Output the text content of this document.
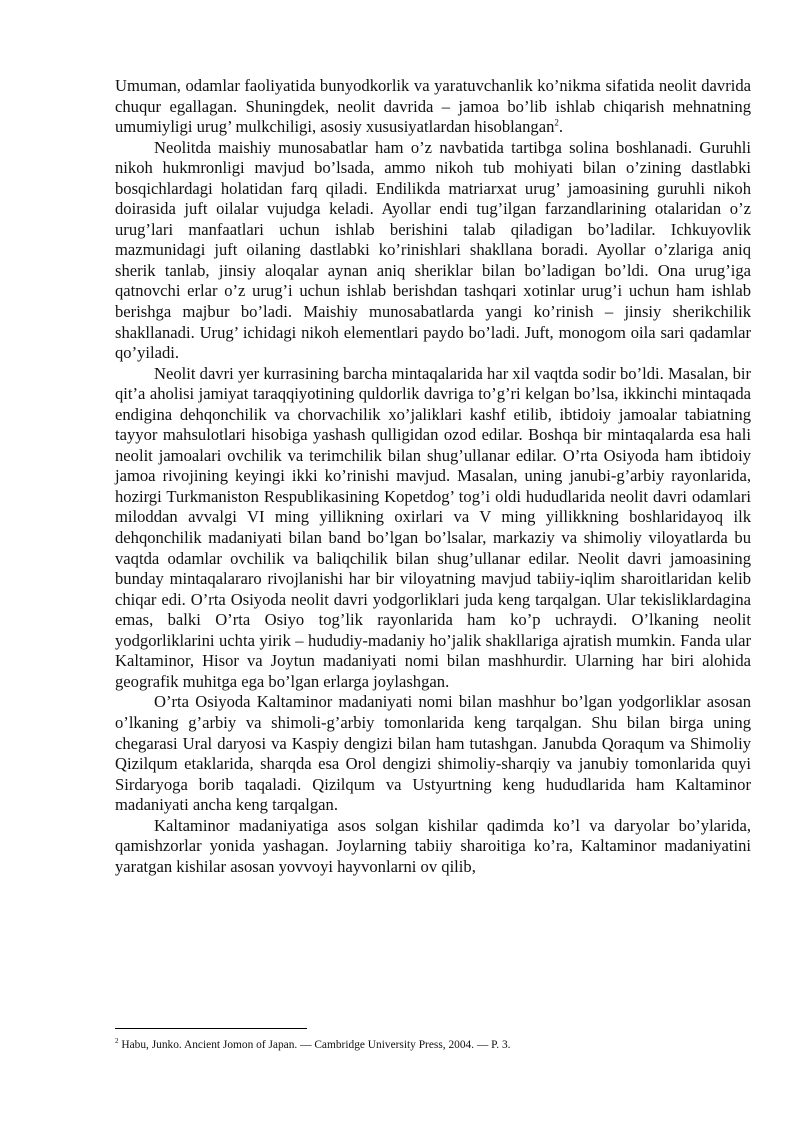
Umuman, odamlar faoliyatida bunyodkorlik va yaratuvchanlik ko’nikma sifatida neolit davrida chuqur egallagan. Shuningdek, neolit davrida – jamoa bo’lib ishlab chiqarish mehnatning umumiyligi urug’ mulkchiligi, asosiy xususiyatlardan hisoblangan$^2$.

Neolitda maishiy munosabatlar ham o’z navbatida tartibga solina boshlanadi. Guruhli nikoh hukmronligi mavjud bo’lsada, ammo nikoh tub mohiyati bilan o’zining dastlabki bosqichlardagi holatidan farq qiladi. Endilikda matriarxat urug’ jamoasining guruhli nikoh doirasida juft oilalar vujudga keladi. Ayollar endi tug’ilgan farzandlarining otalaridan o’z urug’lari manfaatlari uchun ishlab berishini talab qiladigan bo’ladilar. Ichkuyovlik mazmunidagi juft oilaning dastlabki ko’rinishlari shakllana boradi. Ayollar o’zlariga aniq sherik tanlab, jinsiy aloqalar aynan aniq sheriklar bilan bo’ladigan bo’ldi. Ona urug’iga qatnovchi erlar o’z urug’i uchun ishlab berishdan tashqari xotinlar urug’i uchun ham ishlab berishga majbur bo’ladi. Maishiy munosabatlarda yangi ko’rinish – jinsiy sherikchilik shakllanadi. Urug’ ichidagi nikoh elementlari paydo bo’ladi. Juft, monogom oila sari qadamlar qo’yiladi.

Neolit davri yer kurrasining barcha mintaqalarida har xil vaqtda sodir bo’ldi. Masalan, bir qit’a aholisi jamiyat taraqqiyotining quldorlik davriga to’g’ri kelgan bo’lsa, ikkinchi mintaqada endigina dehqonchilik va chorvachilik xo’jaliklari kashf etilib, ibtidoiy jamoalar tabiatning tayyor mahsulotlari hisobiga yashash qulligidan ozod edilar. Boshqa bir mintaqalarda esa hali neolit jamoalari ovchilik va terimchilik bilan shug’ullanar edilar. O’rta Osiyoda ham ibtidoiy jamoa rivojining keyingi ikki ko’rinishi mavjud. Masalan, uning janubi-g’arbiy rayonlarida, hozirgi Turkmaniston Respublikasining Kopetdog’ tog’i oldi hududlarida neolit davri odamlari miloddan avvalgi VI ming yillikning oxirlari va V ming yillikkning boshlaridayoq ilk dehqonchilik madaniyati bilan band bo’lgan bo’lsalar, markaziy va shimoliy viloyatlarda bu vaqtda odamlar ovchilik va baliqchilik bilan shug’ullanar edilar. Neolit davri jamoasining bunday mintaqalararo rivojlanishi har bir viloyatning mavjud tabiiy-iqlim sharoitlaridan kelib chiqar edi. O’rta Osiyoda neolit davri yodgorliklari juda keng tarqalgan. Ular tekisliklardagina emas, balki O’rta Osiyo tog’lik rayonlarida ham ko’p uchraydi. O’lkaning neolit yodgorliklarini uchta yirik – hududiy-madaniy ho’jalik shakllariga ajratish mumkin. Fanda ular Kaltaminor, Hisor va Joytun madaniyati nomi bilan mashhurdir. Ularning har biri alohida geografik muhitga ega bo’lgan erlarga joylashgan.

O’rta Osiyoda Kaltaminor madaniyati nomi bilan mashhur bo’lgan yodgorliklar asosan o’lkaning g’arbiy va shimoli-g’arbiy tomonlarida keng tarqalgan. Shu bilan birga uning chegarasi Ural daryosi va Kaspiy dengizi bilan ham tutashgan. Janubda Qoraqum va Shimoliy Qizilqum etaklarida, sharqda esa Orol dengizi shimoliy-sharqiy va janubiy tomonlarida quyi Sirdaryoga borib taqaladi. Qizilqum va Ustyurtning keng hududlarida ham Kaltaminor madaniyati ancha keng tarqalgan.

Kaltaminor madaniyatiga asos solgan kishilar qadimda ko’l va daryolar bo’ylarida, qamishzorlar yonida yashagan. Joylarning tabiiy sharoitiga ko’ra, Kaltaminor madaniyatini yaratgan kishilar asosan yovvoyi hayvonlarni ov qilib,

$^2$ Habu, Junko. Ancient Jomon of Japan. — Cambridge University Press, 2004. — P. 3.
